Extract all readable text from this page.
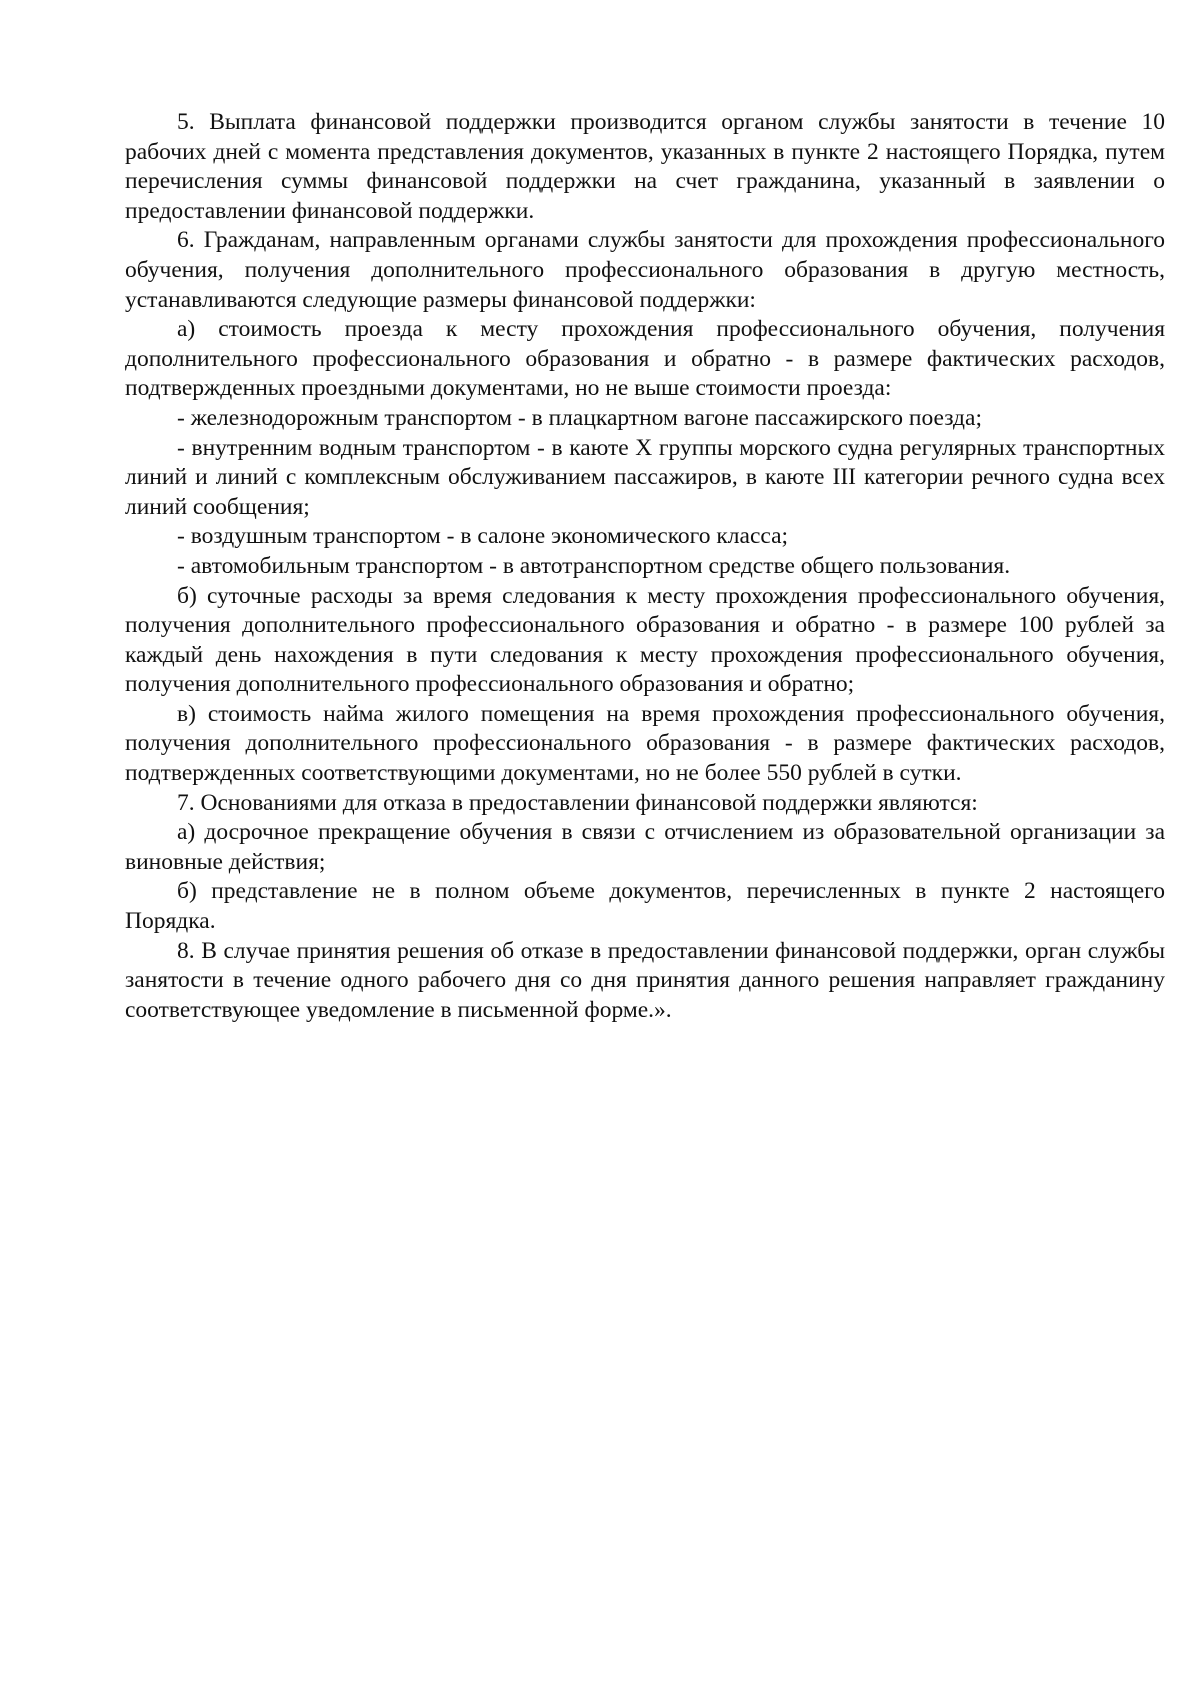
5. Выплата финансовой поддержки производится органом службы занятости в течение 10 рабочих дней с момента представления документов, указанных в пункте 2 настоящего Порядка, путем перечисления суммы финансовой поддержки на счет гражданина, указанный в заявлении о предоставлении финансовой поддержки.

6. Гражданам, направленным органами службы занятости для прохождения профессионального обучения, получения дополнительного профессионального образования в другую местность, устанавливаются следующие размеры финансовой поддержки:

а) стоимость проезда к месту прохождения профессионального обучения, получения дополнительного профессионального образования и обратно - в размере фактических расходов, подтвержденных проездными документами, но не выше стоимости проезда:

- железнодорожным транспортом - в плацкартном вагоне пассажирского поезда;

- внутренним водным транспортом - в каюте X группы морского судна регулярных транспортных линий и линий с комплексным обслуживанием пассажиров, в каюте III категории речного судна всех линий сообщения;

- воздушным транспортом - в салоне экономического класса;

- автомобильным транспортом - в автотранспортном средстве общего пользования.

б) суточные расходы за время следования к месту прохождения профессионального обучения, получения дополнительного профессионального образования и обратно - в размере 100 рублей за каждый день нахождения в пути следования к месту прохождения профессионального обучения, получения дополнительного профессионального образования и обратно;

в) стоимость найма жилого помещения на время прохождения профессионального обучения, получения дополнительного профессионального образования - в размере фактических расходов, подтвержденных соответствующими документами, но не более 550 рублей в сутки.

7. Основаниями для отказа в предоставлении финансовой поддержки являются:

а) досрочное прекращение обучения в связи с отчислением из образовательной организации за виновные действия;

б) представление не в полном объеме документов, перечисленных в пункте 2 настоящего Порядка.

8. В случае принятия решения об отказе в предоставлении финансовой поддержки, орган службы занятости в течение одного рабочего дня со дня принятия данного решения направляет гражданину соответствующее уведомление в письменной форме.».
